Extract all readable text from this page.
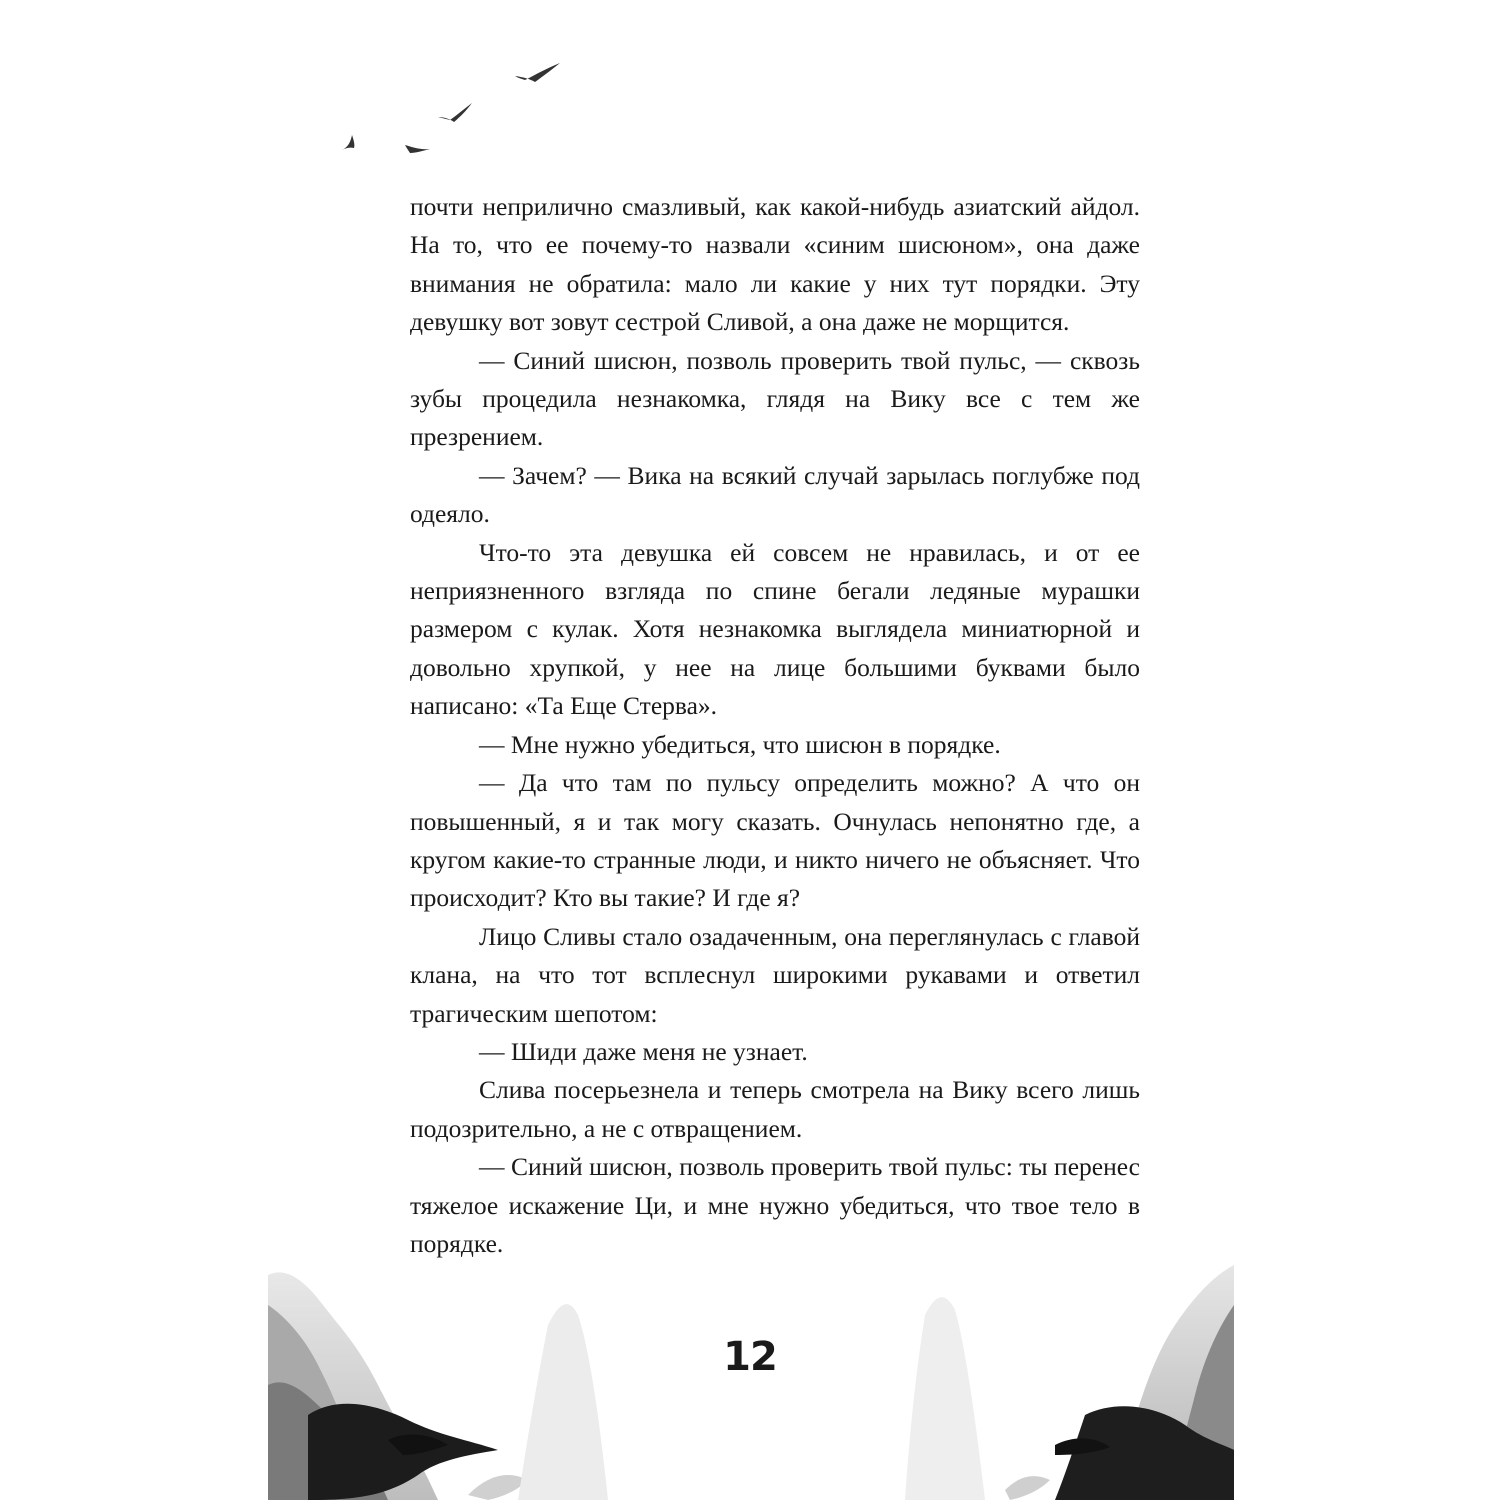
почти неприлично смазливый, как какой-нибудь азиатский айдол. На то, что ее почему-то назвали «синим шисюном», она даже внимания не обратила: мало ли какие у них тут порядки. Эту девушку вот зовут сестрой Сливой, а она даже не морщится.

— Синий шисюн, позволь проверить твой пульс, — сквозь зубы процедила незнакомка, глядя на Вику все с тем же презрением.

— Зачем? — Вика на всякий случай зарылась поглубже под одеяло.

Что-то эта девушка ей совсем не нравилась, и от ее неприязненного взгляда по спине бегали ледяные мурашки размером с кулак. Хотя незнакомка выглядела миниатюрной и довольно хрупкой, у нее на лице большими буквами было написано: «Та Еще Стерва».

— Мне нужно убедиться, что шисюн в порядке.

— Да что там по пульсу определить можно? А что он повышенный, я и так могу сказать. Очнулась непонятно где, а кругом какие-то странные люди, и никто ничего не объясняет. Что происходит? Кто вы такие? И где я?

Лицо Сливы стало озадаченным, она переглянулась с главой клана, на что тот всплеснул широкими рукавами и ответил трагическим шепотом:

— Шиди даже меня не узнает.

Слива посерьезнела и теперь смотрела на Вику всего лишь подозрительно, а не с отвращением.

— Синий шисюн, позволь проверить твой пульс: ты перенес тяжелое искажение Ци, и мне нужно убедиться, что твое тело в порядке.

12
